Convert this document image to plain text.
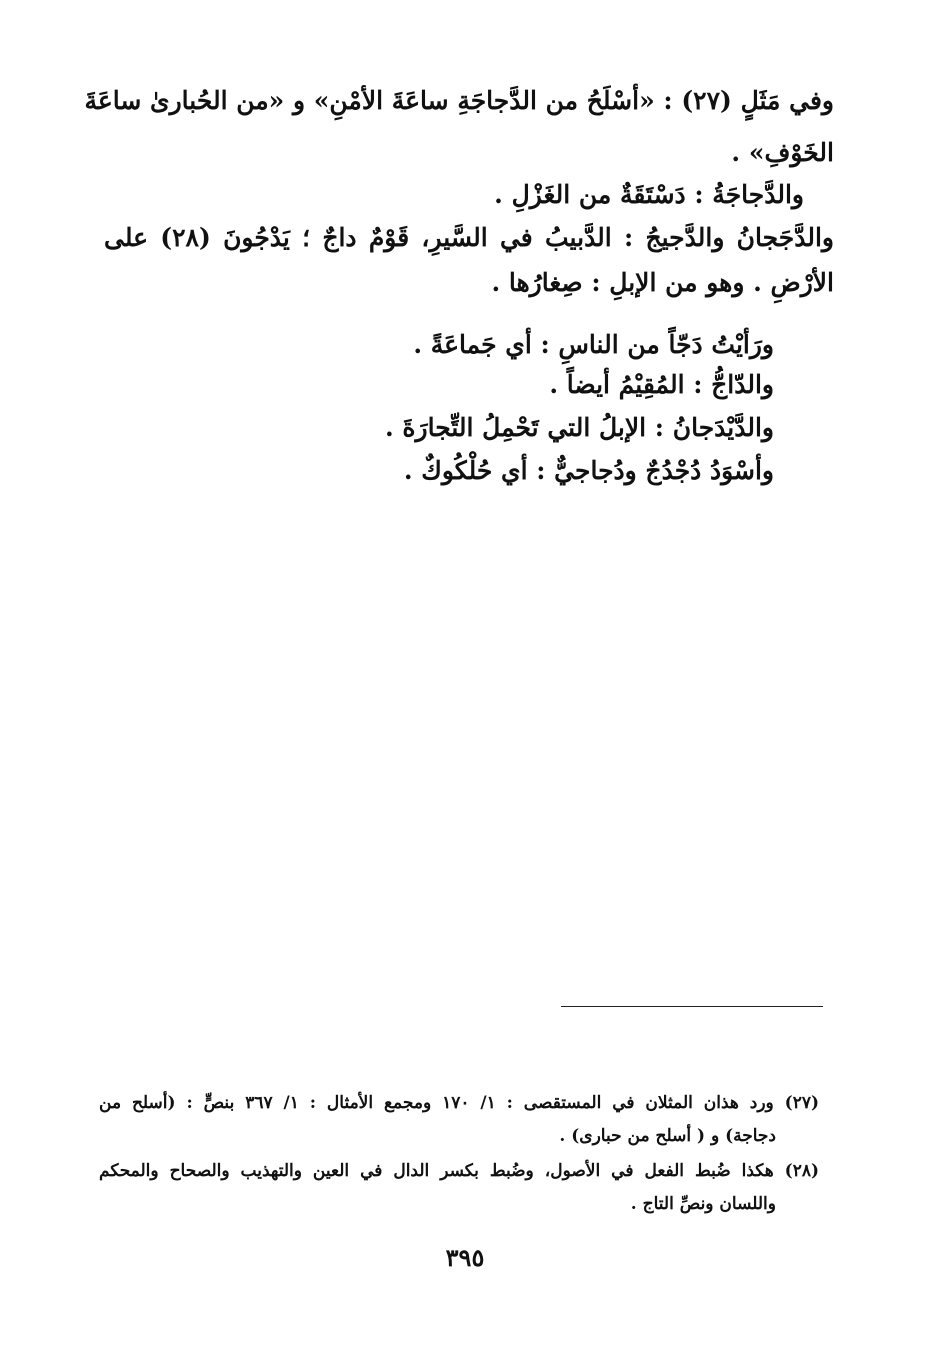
وفي مَثَلٍ (٢٧) : «أسْلَحُ من الدَّجاجَةِ ساعَةَ الأمْنِ» و «من الحُبارىٰ ساعَةَ
الخَوْفِ» .
والدَّجاجَةُ : دَسْتَقَةٌ من الغَزْلِ .
والدَّجَجانُ والدَّجيجُ : الدَّبيبُ في السَّيرِ، قَوْمٌ داجٌ ؛ يَدْجُونَ (٢٨) على
الأرْضِ . وهو من الإبلِ : صِغارُها .
ورَأيْتُ دَجّاً من الناسِ : أي جَماعَةً .
والدّاجُّ : المُقِيْمُ أيضاً .
والدَّيْدَجانُ : الإبلُ التي تَحْمِلُ التِّجارَةَ .
وأسْوَدُ دُجْدُجٌ ودُجاجيٌّ : أي حُلْكُوكٌ .
(٢٧) ورد هذان المثلان في المستقصى : ١/ ١٧٠ ومجمع الأمثال : ١/ ٣٦٧ بنصٍّ : (أسلح من
دجاجة) و ( أسلح من حبارى) .
(٢٨) هكذا ضُبط الفعل في الأصول، وضُبط بكسر الدال في العين والتهذيب والصحاح والمحكم
واللسان ونصِّ التاج .
٣٩٥
